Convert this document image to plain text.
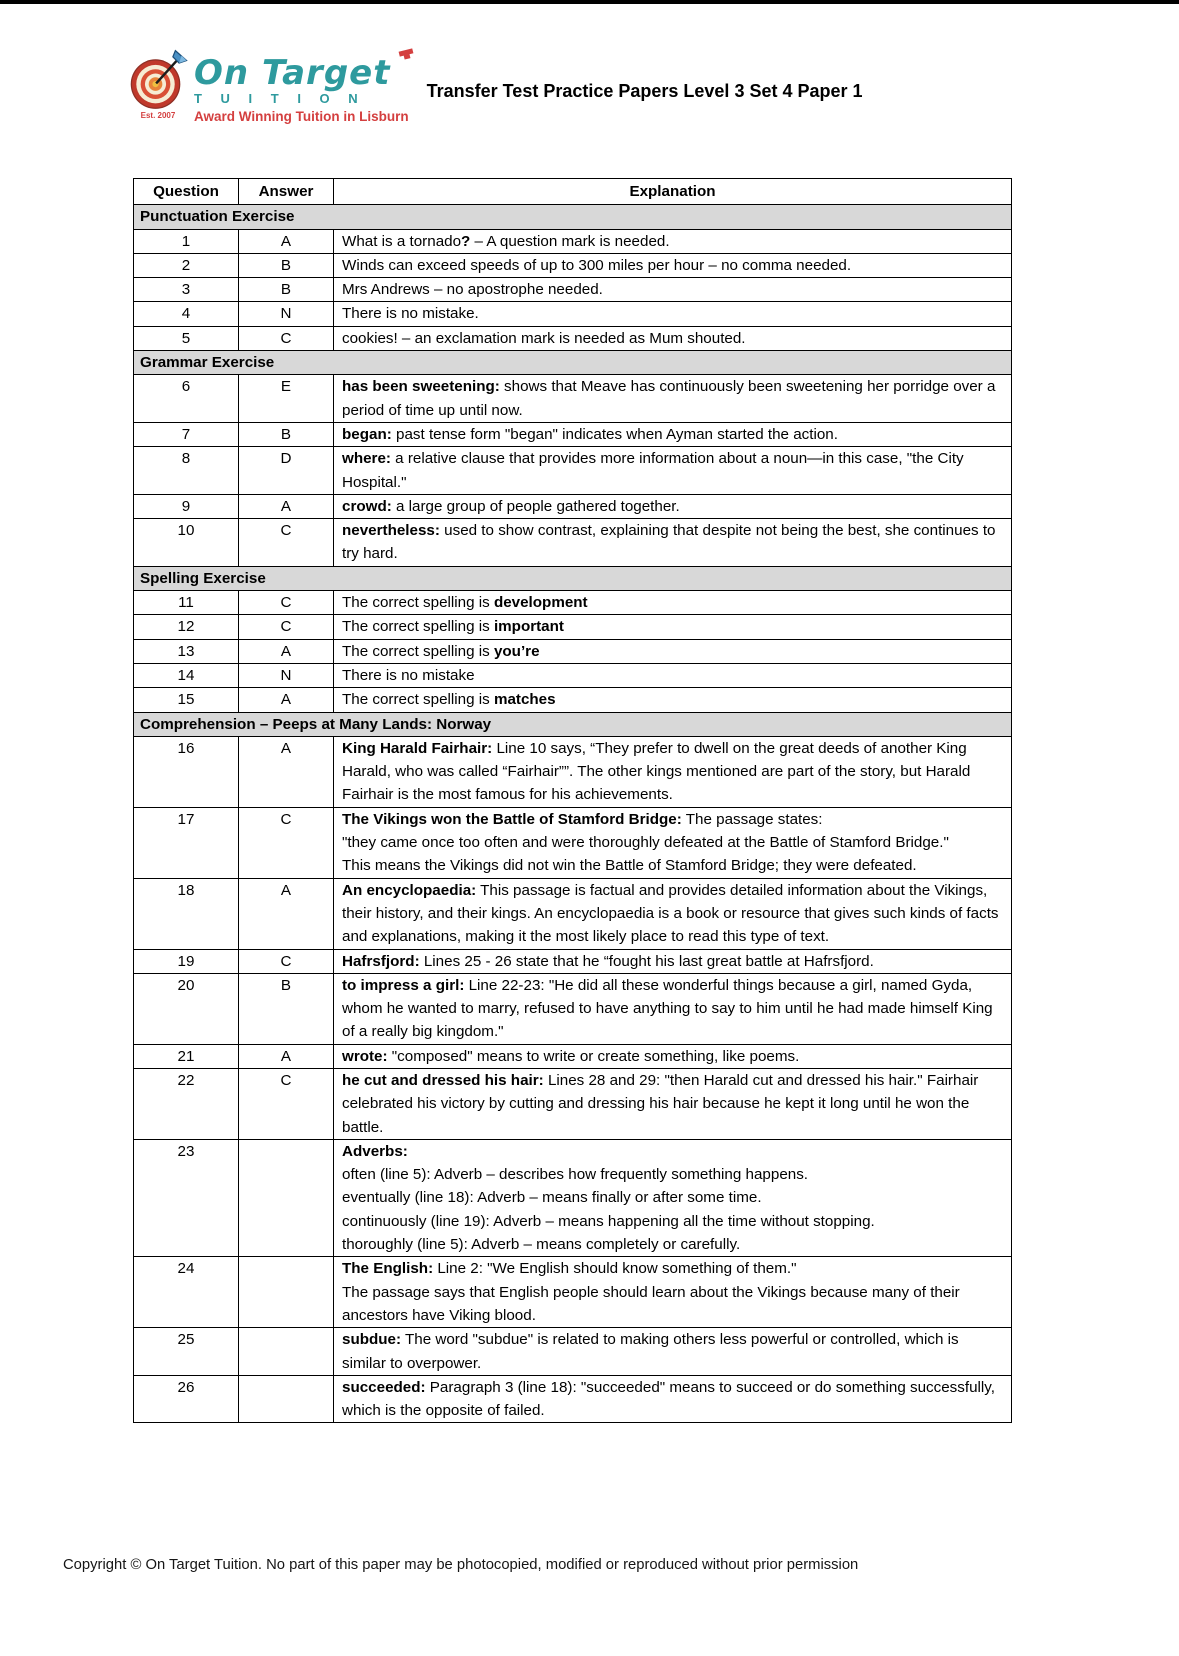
Est. 2007
On Target
T U I T I O N
Award Winning Tuition in Lisburn
Transfer Test Practice Papers Level 3 Set 4 Paper 1
Question	Answer	Explanation
Punctuation Exercise		
1	A	What is a tornado? – A question mark is needed.

2	B	Winds can exceed speeds of up to 300 miles per hour – no comma needed.

3	B	Mrs Andrews – no apostrophe needed.

4	N	There is no mistake.

5	C	cookies! – an exclamation mark is needed as Mum shouted.

Grammar Exercise		
6	E	has been sweetening: shows that Meave has continuously been sweetening her porridge over a period of time up until now.

7	B	began: past tense form "began" indicates when Ayman started the action.

8	D	where: a relative clause that provides more information about a noun—in this case, "the City Hospital."

9	A	crowd: a large group of people gathered together.

10	C	nevertheless: used to show contrast, explaining that despite not being the best, she continues to try hard.

Spelling Exercise		
11	C	The correct spelling is development

12	C	The correct spelling is important

13	A	The correct spelling is you’re

14	N	There is no mistake

15	A	The correct spelling is matches

Comprehension – Peeps at Many Lands: Norway		
16	A	King Harald Fairhair: Line 10 says, “They prefer to dwell on the great deeds of another King Harald, who was called “Fairhair””. The other kings mentioned are part of the story, but Harald Fairhair is the most famous for his achievements.

17	C	The Vikings won the Battle of Stamford Bridge: The passage states:
"they came once too often and were thoroughly defeated at the Battle of Stamford Bridge."
This means the Vikings did not win the Battle of Stamford Bridge; they were defeated.

18	A	An encyclopaedia: This passage is factual and provides detailed information about the Vikings, their history, and their kings. An encyclopaedia is a book or resource that gives such kinds of facts and explanations, making it the most likely place to read this type of text.

19	C	Hafrsfjord: Lines 25 - 26 state that he “fought his last great battle at Hafrsfjord.

20	B	to impress a girl: Line 22-23: "He did all these wonderful things because a girl, named Gyda, whom he wanted to marry, refused to have anything to say to him until he had made himself King of a really big kingdom."

21	A	wrote: "composed" means to write or create something, like poems.

22	C	he cut and dressed his hair: Lines 28 and 29: "then Harald cut and dressed his hair." Fairhair celebrated his victory by cutting and dressing his hair because he kept it long until he won the battle.

23		Adverbs:
often (line 5): Adverb – describes how frequently something happens.
eventually (line 18): Adverb – means finally or after some time.
continuously (line 19): Adverb – means happening all the time without stopping.
thoroughly (line 5): Adverb – means completely or carefully.

24		The English: Line 2: "We English should know something of them."
The passage says that English people should learn about the Vikings because many of their ancestors have Viking blood.

25		subdue: The word "subdue" is related to making others less powerful or controlled, which is similar to overpower.

26		succeeded: Paragraph 3 (line 18): "succeeded" means to succeed or do something successfully, which is the opposite of failed.
Copyright © On Target Tuition. No part of this paper may be photocopied, modified or reproduced without prior permission
